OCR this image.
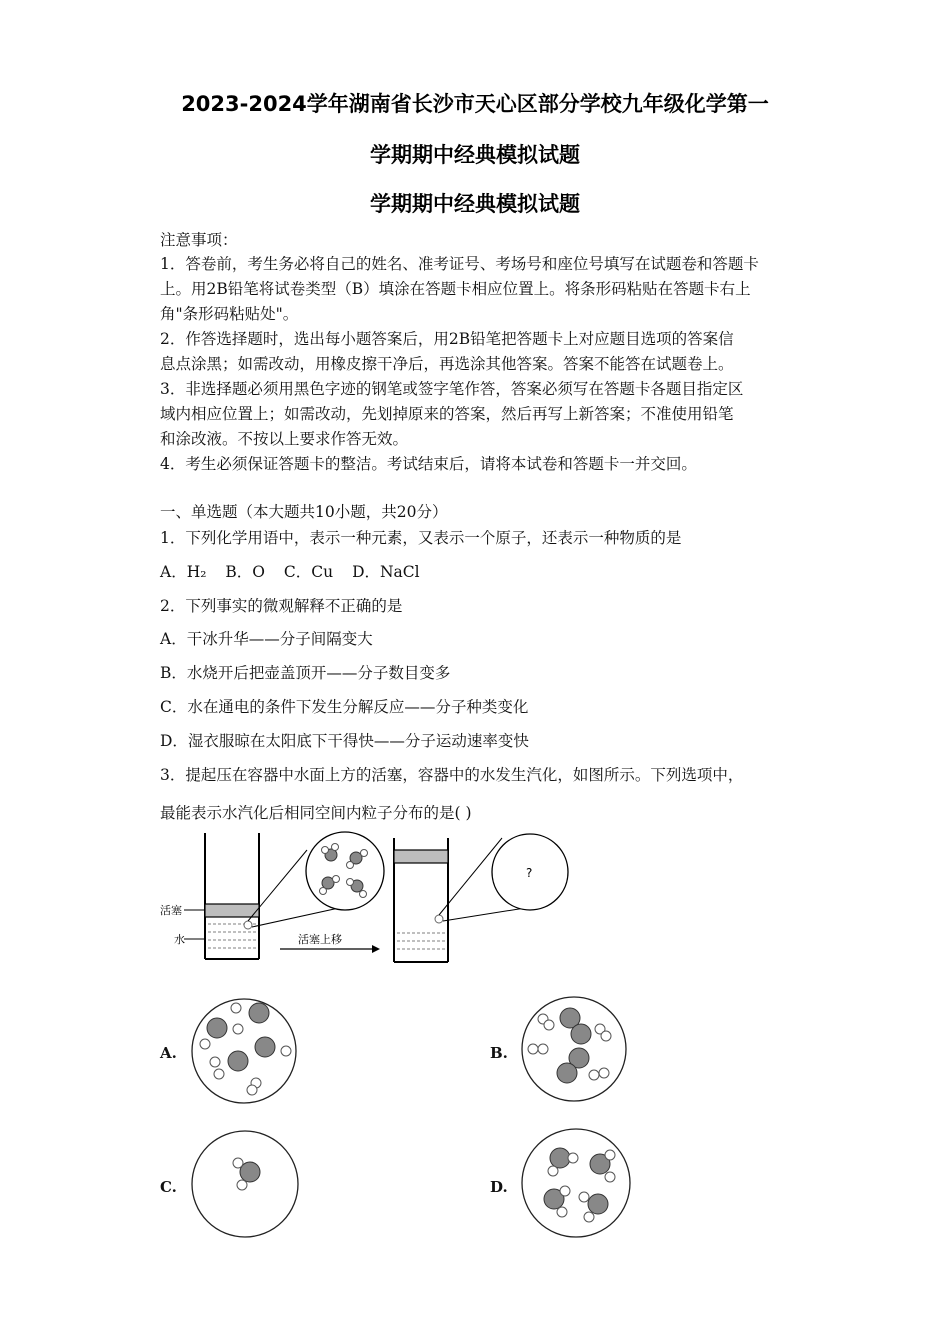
2023-2024学年湖南省长沙市天心区部分学校九年级化学第一
学期期中经典模拟试题
学期期中经典模拟试题
注意事项：
1．答卷前，考生务必将自己的姓名、准考证号、考场号和座位号填写在试题卷和答题卡
上。用2B铅笔将试卷类型（B）填涂在答题卡相应位置上。将条形码粘贴在答题卡右上
角"条形码粘贴处"。
2．作答选择题时，选出每小题答案后，用2B铅笔把答题卡上对应题目选项的答案信
息点涂黑；如需改动，用橡皮擦干净后，再选涂其他答案。答案不能答在试题卷上。
3．非选择题必须用黑色字迹的钢笔或签字笔作答，答案必须写在答题卡各题目指定区
域内相应位置上；如需改动，先划掉原来的答案，然后再写上新答案；不准使用铅笔
和涂改液。不按以上要求作答无效。
4．考生必须保证答题卡的整洁。考试结束后，请将本试卷和答题卡一并交回。
一、单选题（本大题共10小题，共20分）
1．下列化学用语中，表示一种元素，又表示一个原子，还表示一种物质的是
A．H₂ B．O C．Cu D．NaCl
2．下列事实的微观解释不正确的是
A．干冰升华——分子间隔变大
B．水烧开后把壶盖顶开——分子数目变多
C．水在通电的条件下发生分解反应——分子种类变化
D．湿衣服晾在太阳底下干得快——分子运动速率变快
3．提起压在容器中水面上方的活塞，容器中的水发生汽化，如图所示。下列选项中，
最能表示水汽化后相同空间内粒子分布的是( )
活塞
水	活塞上移
?
A.	B.
C.	D.
